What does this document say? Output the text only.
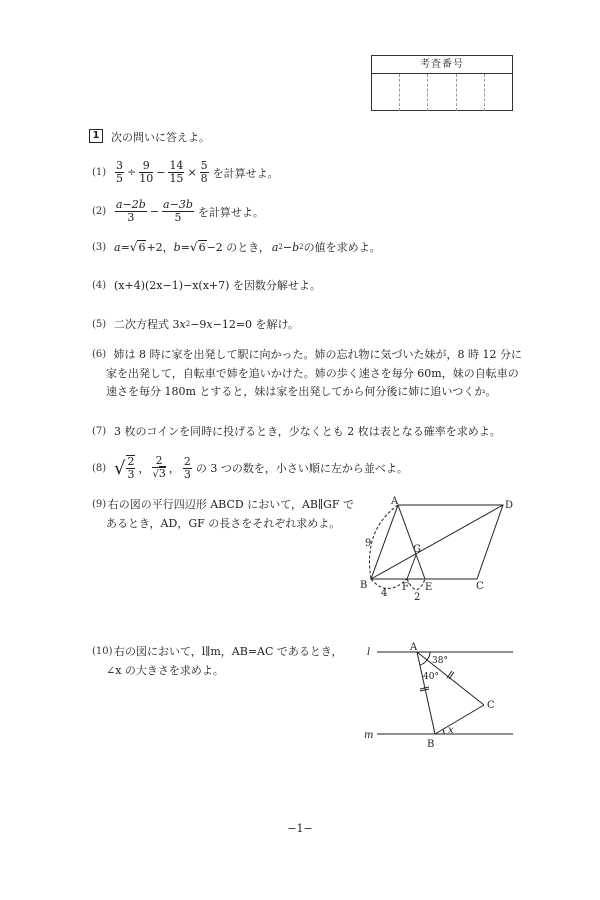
考査番号
1	次の問いに答えよ。
$(1) \frac{3}{5} \div \frac{9}{10} - \frac{14}{15} \times \frac{5}{8}$ を計算せよ。
$(2) \frac{a-2b}{3} - \frac{a-3b}{5}$ を計算せよ。
(3) a = √ 6 +2， b = √ 6 −2 のとき， a 2 − b 2 の値を求めよ。
(4) (x+4)(2x−1)−x(x+7) を因数分解せよ。
(5) 二次方程式 3 x 2 −9 x −12=0 を解け。
(6) 姉は 8 時に家を出発して駅に向かった。姉の忘れ物に気づいた妹が，8 時 12 分に
家を出発して，自転車で姉を追いかけた。姉の歩く速さを毎分 60m，妹の自転車の
速さを毎分 180m とすると，妹は家を出発してから何分後に姉に追いつくか。
(7) 3 枚のコインを同時に投げるとき，少なくとも 2 枚は表となる確率を求めよ。
(8) √ $\frac{2}{3}$ ， $\frac{2}{√3}$ ， $\frac{2}{3}$ の 3 つの数を，小さい順に左から並べよ。
(9) 右の図の平行四辺形 ABCD において，AB∥GF で
あるとき，AD，GF の長さをそれぞれ求めよ。
A	D
B	C
G
F E
9
4	2
(10) 右の図において，l∥m，AB=AC であるとき，
∠x の大きさを求めよ。
l
m
A
C
B
38°
40°
x
−1−
